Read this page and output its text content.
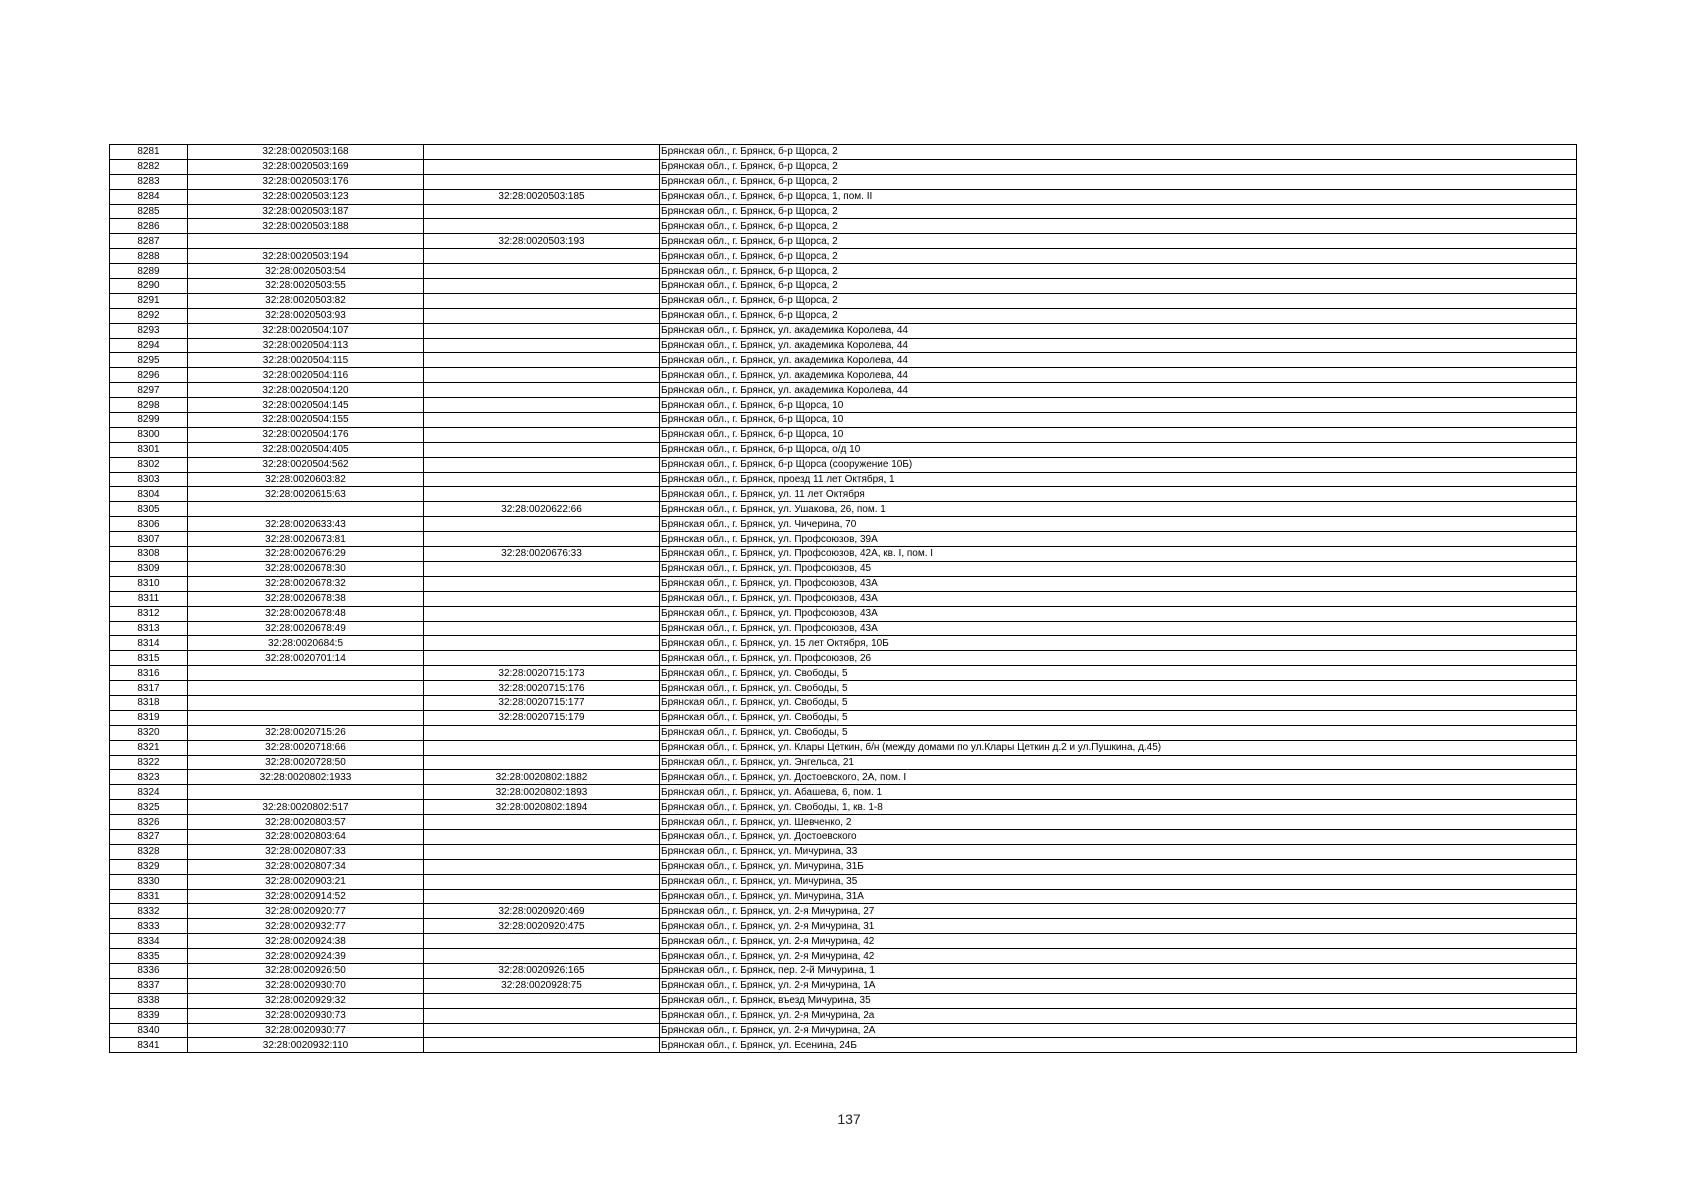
8281	32:28:0020503:168		Брянская обл., г. Брянск, б-р Щорса, 2
8282	32:28:0020503:169		Брянская обл., г. Брянск, б-р Щорса, 2
8283	32:28:0020503:176		Брянская обл., г. Брянск, б-р Щорса, 2
8284	32:28:0020503:123	32:28:0020503:185	Брянская обл., г. Брянск, б-р Щорса, 1, пом. II
8285	32:28:0020503:187		Брянская обл., г. Брянск, б-р Щорса, 2
8286	32:28:0020503:188		Брянская обл., г. Брянск, б-р Щорса, 2
8287		32:28:0020503:193	Брянская обл., г. Брянск, б-р Щорса, 2
8288	32:28:0020503:194		Брянская обл., г. Брянск, б-р Щорса, 2
8289	32:28:0020503:54		Брянская обл., г. Брянск, б-р Щорса, 2
8290	32:28:0020503:55		Брянская обл., г. Брянск, б-р Щорса, 2
8291	32:28:0020503:82		Брянская обл., г. Брянск, б-р Щорса, 2
8292	32:28:0020503:93		Брянская обл., г. Брянск, б-р Щорса, 2
8293	32:28:0020504:107		Брянская обл., г. Брянск, ул. академика Королева, 44
8294	32:28:0020504:113		Брянская обл., г. Брянск, ул. академика Королева, 44
8295	32:28:0020504:115		Брянская обл., г. Брянск, ул. академика Королева, 44
8296	32:28:0020504:116		Брянская обл., г. Брянск, ул. академика Королева, 44
8297	32:28:0020504:120		Брянская обл., г. Брянск, ул. академика Королева, 44
8298	32:28:0020504:145		Брянская обл., г. Брянск, б-р Щорса, 10
8299	32:28:0020504:155		Брянская обл., г. Брянск, б-р Щорса, 10
8300	32:28:0020504:176		Брянская обл., г. Брянск, б-р Щорса, 10
8301	32:28:0020504:405		Брянская обл., г. Брянск, б-р Щорса, о/д 10
8302	32:28:0020504:562		Брянская обл., г. Брянск, б-р Щорса (сооружение 10Б)
8303	32:28:0020603:82		Брянская обл., г. Брянск, проезд 11 лет Октября, 1
8304	32:28:0020615:63		Брянская обл., г. Брянск, ул. 11 лет Октября
8305		32:28:0020622:66	Брянская обл., г. Брянск, ул. Ушакова, 26, пом. 1
8306	32:28:0020633:43		Брянская обл., г. Брянск, ул. Чичерина, 70
8307	32:28:0020673:81		Брянская обл., г. Брянск, ул. Профсоюзов, 39А
8308	32:28:0020676:29	32:28:0020676:33	Брянская обл., г. Брянск, ул. Профсоюзов, 42А, кв. I, пом. I
8309	32:28:0020678:30		Брянская обл., г. Брянск, ул. Профсоюзов, 45
8310	32:28:0020678:32		Брянская обл., г. Брянск, ул. Профсоюзов, 43А
8311	32:28:0020678:38		Брянская обл., г. Брянск, ул. Профсоюзов, 43А
8312	32:28:0020678:48		Брянская обл., г. Брянск, ул. Профсоюзов, 43А
8313	32:28:0020678:49		Брянская обл., г. Брянск, ул. Профсоюзов, 43А
8314	32:28:0020684:5		Брянская обл., г. Брянск, ул. 15 лет Октября, 10Б
8315	32:28:0020701:14		Брянская обл., г. Брянск, ул. Профсоюзов, 26
8316		32:28:0020715:173	Брянская обл., г. Брянск, ул. Свободы, 5
8317		32:28:0020715:176	Брянская обл., г. Брянск, ул. Свободы, 5
8318		32:28:0020715:177	Брянская обл., г. Брянск, ул. Свободы, 5
8319		32:28:0020715:179	Брянская обл., г. Брянск, ул. Свободы, 5
8320	32:28:0020715:26		Брянская обл., г. Брянск, ул. Свободы, 5
8321	32:28:0020718:66		Брянская обл., г. Брянск, ул. Клары Цеткин, б/н (между домами по ул.Клары Цеткин д.2 и ул.Пушкина, д.45)
8322	32:28:0020728:50		Брянская обл., г. Брянск, ул. Энгельса, 21
8323	32:28:0020802:1933	32:28:0020802:1882	Брянская обл., г. Брянск, ул. Достоевского, 2А, пом. I
8324		32:28:0020802:1893	Брянская обл., г. Брянск, ул. Абашева, 6, пом. 1
8325	32:28:0020802:517	32:28:0020802:1894	Брянская обл., г. Брянск, ул. Свободы, 1, кв. 1-8
8326	32:28:0020803:57		Брянская обл., г. Брянск, ул. Шевченко, 2
8327	32:28:0020803:64		Брянская обл., г. Брянск, ул. Достоевского
8328	32:28:0020807:33		Брянская обл., г. Брянск, ул. Мичурина, 33
8329	32:28:0020807:34		Брянская обл., г. Брянск, ул. Мичурина, 31Б
8330	32:28:0020903:21		Брянская обл., г. Брянск, ул. Мичурина, 35
8331	32:28:0020914:52		Брянская обл., г. Брянск, ул. Мичурина, 31А
8332	32:28:0020920:77	32:28:0020920:469	Брянская обл., г. Брянск, ул. 2-я Мичурина, 27
8333	32:28:0020932:77	32:28:0020920:475	Брянская обл., г. Брянск, ул. 2-я Мичурина, 31
8334	32:28:0020924:38		Брянская обл., г. Брянск, ул. 2-я Мичурина, 42
8335	32:28:0020924:39		Брянская обл., г. Брянск, ул. 2-я Мичурина, 42
8336	32:28:0020926:50	32:28:0020926:165	Брянская обл., г. Брянск, пер. 2-й Мичурина, 1
8337	32:28:0020930:70	32:28:0020928:75	Брянская обл., г. Брянск, ул. 2-я Мичурина, 1А
8338	32:28:0020929:32		Брянская обл., г. Брянск, въезд Мичурина, 35
8339	32:28:0020930:73		Брянская обл., г. Брянск, ул. 2-я Мичурина, 2а
8340	32:28:0020930:77		Брянская обл., г. Брянск, ул. 2-я Мичурина, 2А
8341	32:28:0020932:110		Брянская обл., г. Брянск, ул. Есенина, 24Б
137
